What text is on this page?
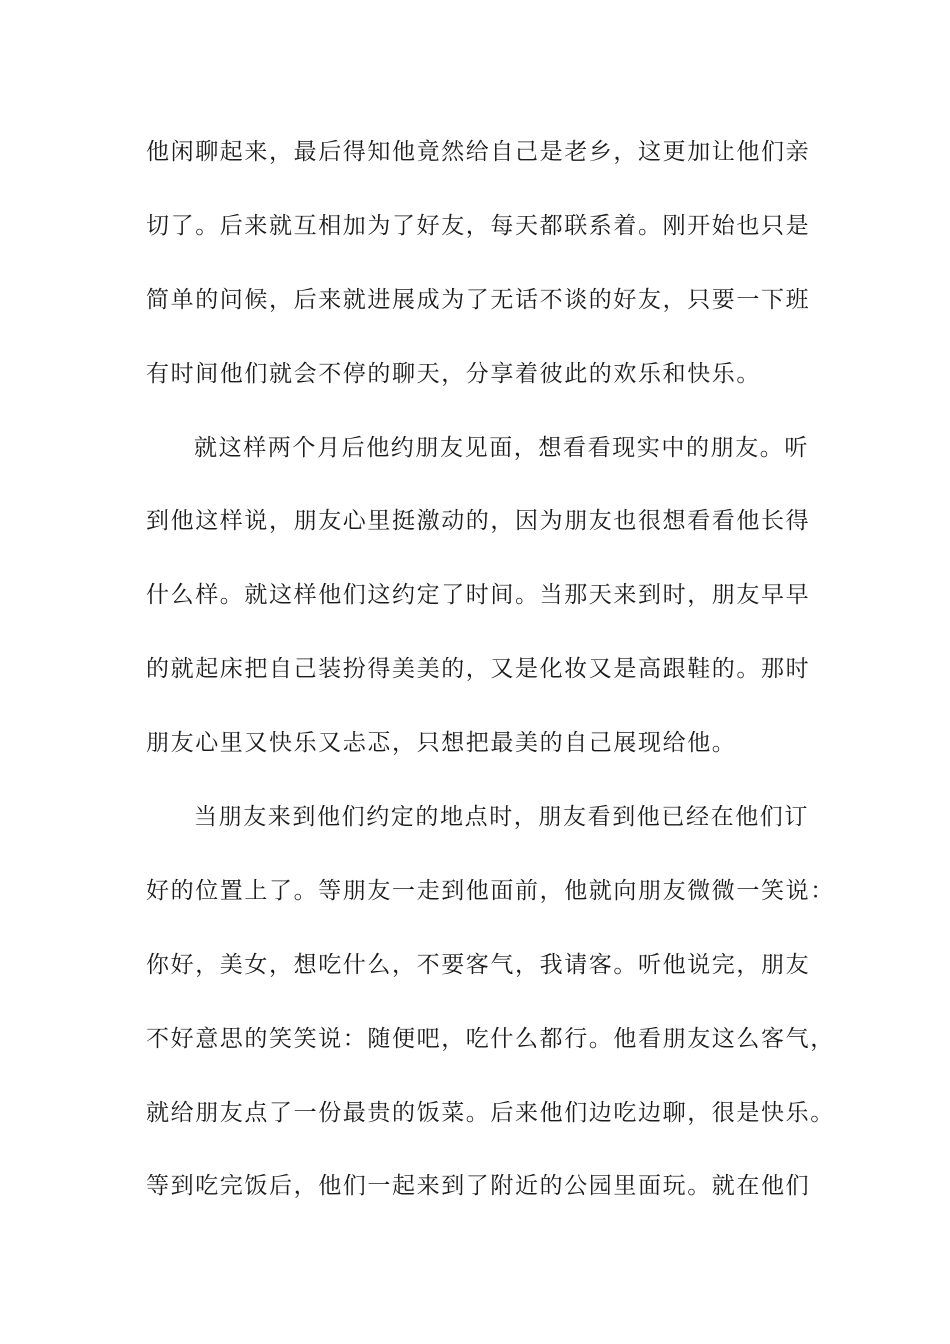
他闲聊起来，最后得知他竟然给自己是老乡，这更加让他们亲
切了。后来就互相加为了好友，每天都联系着。刚开始也只是
简单的问候，后来就进展成为了无话不谈的好友，只要一下班
有时间他们就会不停的聊天，分享着彼此的欢乐和快乐。
就这样两个月后他约朋友见面，想看看现实中的朋友。听
到他这样说，朋友心里挺激动的，因为朋友也很想看看他长得
什么样。就这样他们这约定了时间。当那天来到时，朋友早早
的就起床把自己装扮得美美的，又是化妆又是高跟鞋的。那时
朋友心里又快乐又忐忑，只想把最美的自己展现给他。
当朋友来到他们约定的地点时，朋友看到他已经在他们订
好的位置上了。等朋友一走到他面前，他就向朋友微微一笑说：
你好，美女，想吃什么，不要客气，我请客。听他说完，朋友
不好意思的笑笑说：随便吧，吃什么都行。他看朋友这么客气，
就给朋友点了一份最贵的饭菜。后来他们边吃边聊，很是快乐。
等到吃完饭后，他们一起来到了附近的公园里面玩。就在他们
